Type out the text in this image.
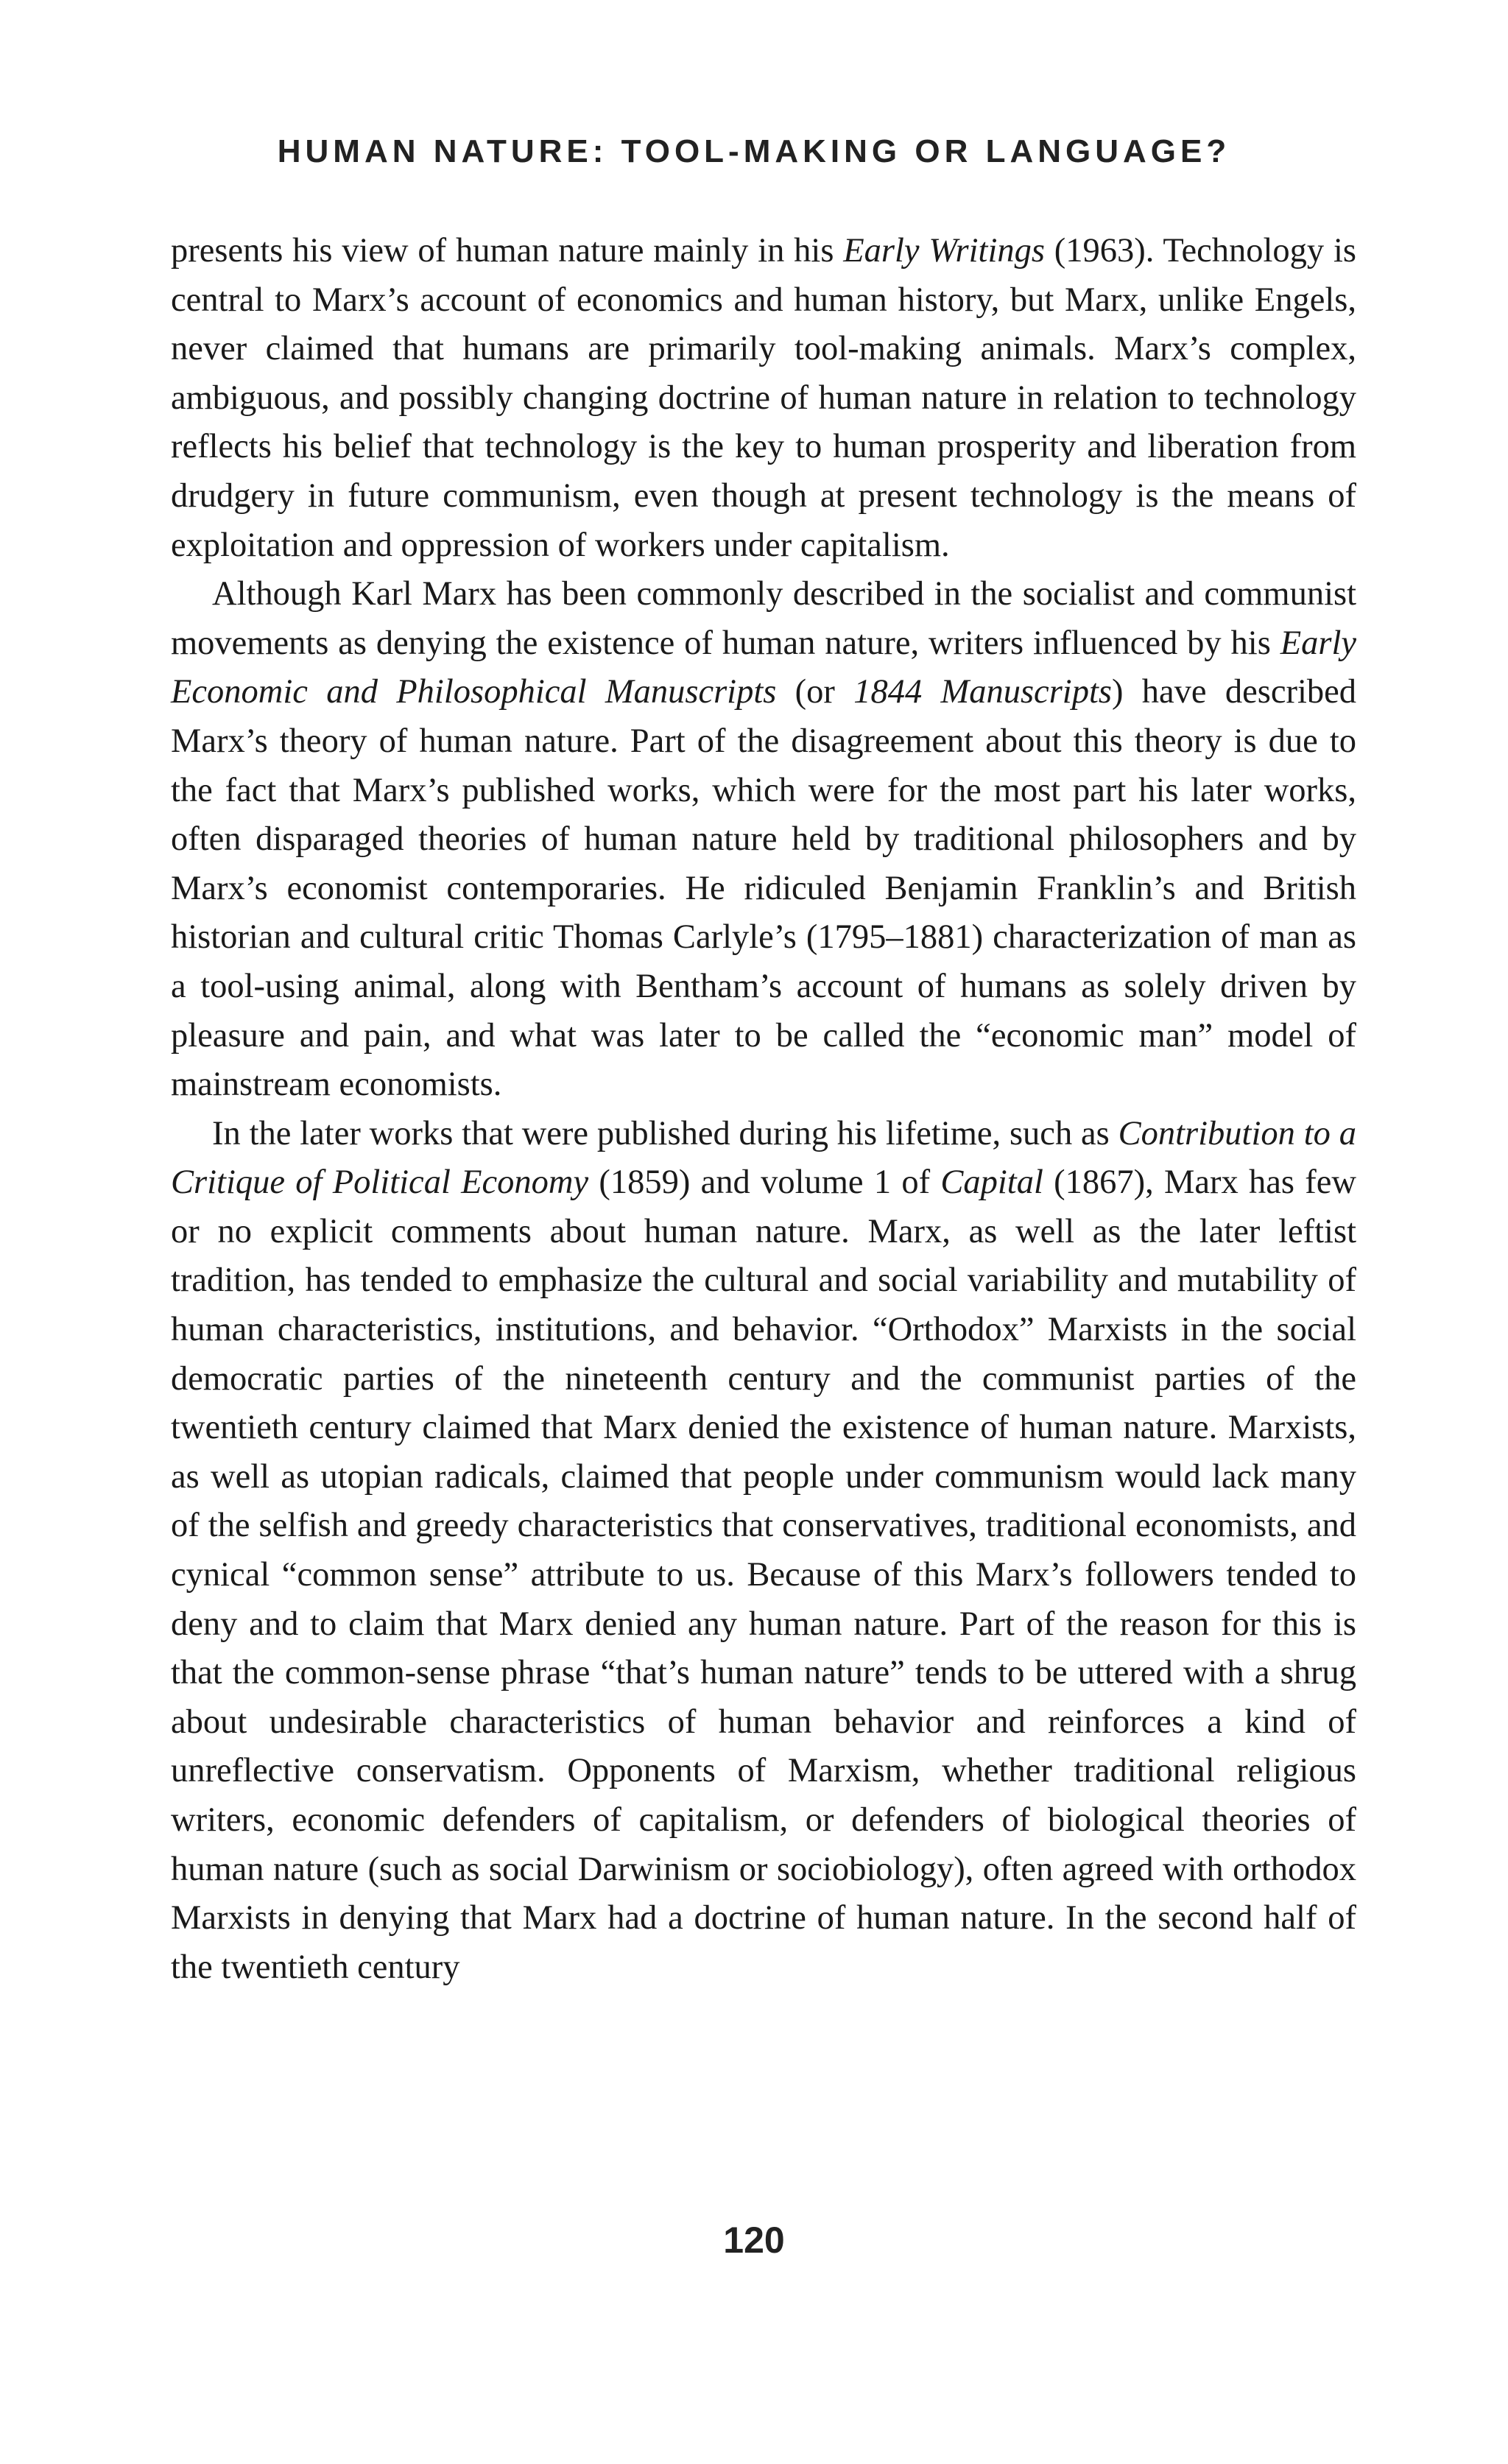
HUMAN NATURE: TOOL-MAKING OR LANGUAGE?

presents his view of human nature mainly in his Early Writings (1963). Technology is central to Marx’s account of economics and human history, but Marx, unlike Engels, never claimed that humans are primarily tool-making animals. Marx’s complex, ambiguous, and possibly changing doctrine of human nature in relation to technology reflects his belief that technology is the key to human prosperity and liberation from drudgery in future communism, even though at present technology is the means of exploitation and oppression of workers under capitalism.

Although Karl Marx has been commonly described in the socialist and communist movements as denying the existence of human nature, writers influenced by his Early Economic and Philosophical Manuscripts (or 1844 Manuscripts) have described Marx’s theory of human nature. Part of the disagreement about this theory is due to the fact that Marx’s published works, which were for the most part his later works, often disparaged theories of human nature held by traditional philosophers and by Marx’s economist contemporaries. He ridiculed Benjamin Franklin’s and British historian and cultural critic Thomas Carlyle’s (1795–1881) characterization of man as a tool-using animal, along with Bentham’s account of humans as solely driven by pleasure and pain, and what was later to be called the “economic man” model of mainstream economists.

In the later works that were published during his lifetime, such as Contribution to a Critique of Political Economy (1859) and volume 1 of Capital (1867), Marx has few or no explicit comments about human nature. Marx, as well as the later leftist tradition, has tended to emphasize the cultural and social variability and mutability of human characteristics, institutions, and behavior. “Orthodox” Marxists in the social democratic parties of the nineteenth century and the communist parties of the twentieth century claimed that Marx denied the existence of human nature. Marxists, as well as utopian radicals, claimed that people under communism would lack many of the selfish and greedy characteristics that conservatives, traditional economists, and cynical “common sense” attribute to us. Because of this Marx’s followers tended to deny and to claim that Marx denied any human nature. Part of the reason for this is that the common-sense phrase “that’s human nature” tends to be uttered with a shrug about undesirable characteristics of human behavior and reinforces a kind of unreflective conservatism. Opponents of Marxism, whether traditional religious writers, economic defenders of capitalism, or defenders of biological theories of human nature (such as social Darwinism or sociobiology), often agreed with orthodox Marxists in denying that Marx had a doctrine of human nature. In the second half of the twentieth century

120
